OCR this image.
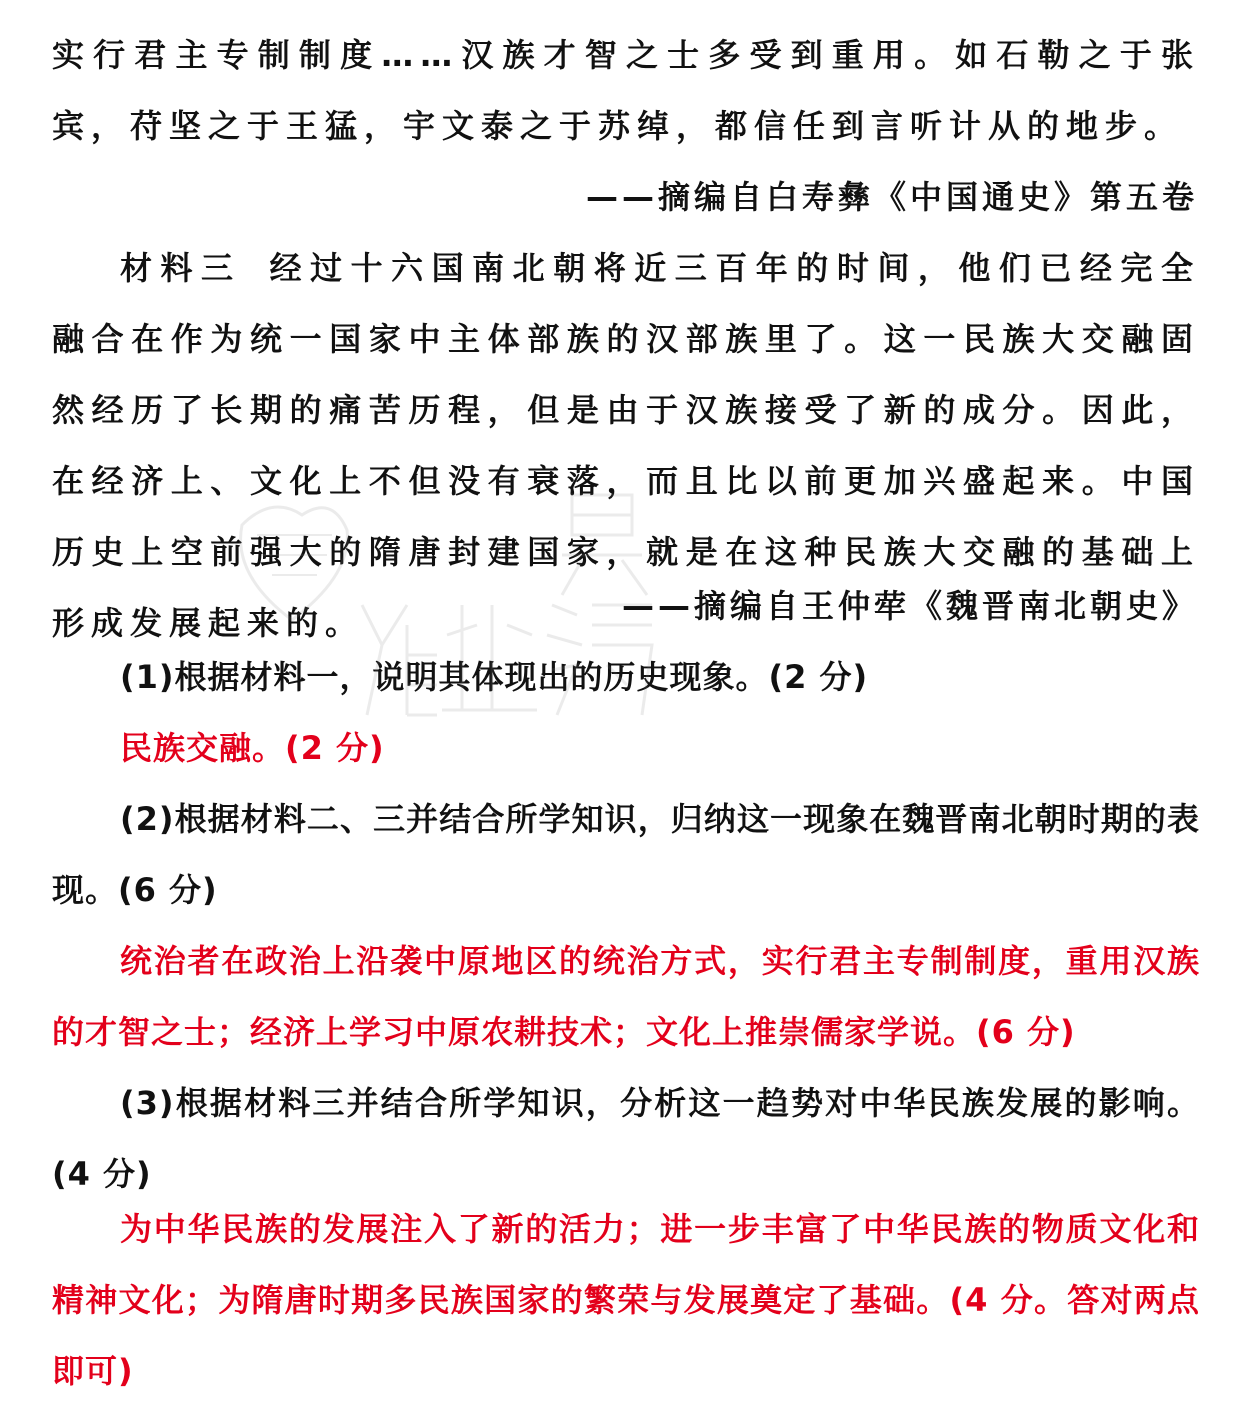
实行君主专制制度……汉族才智之士多受到重用。如石勒之于张宾，苻坚之于王猛，宇文泰之于苏绰，都信任到言听计从的地步。

——摘编自白寿彝《中国通史》第五卷

材料三 经过十六国南北朝将近三百年的时间，他们已经完全融合在作为统一国家中主体部族的汉部族里了。这一民族大交融固然经历了长期的痛苦历程，但是由于汉族接受了新的成分。因此，在经济上、文化上不但没有衰落，而且比以前更加兴盛起来。中国历史上空前强大的隋唐封建国家，就是在这种民族大交融的基础上形成发展起来的。	——摘编自王仲荦《魏晋南北朝史》

(1)根据材料一，说明其体现出的历史现象。(2 分)

民族交融。(2 分)

(2)根据材料二、三并结合所学知识，归纳这一现象在魏晋南北朝时期的表现。(6 分)

统治者在政治上沿袭中原地区的统治方式，实行君主专制制度，重用汉族的才智之士；经济上学习中原农耕技术；文化上推崇儒家学说。(6 分)

(3)根据材料三并结合所学知识，分析这一趋势对中华民族发展的影响。(4 分)

为中华民族的发展注入了新的活力；进一步丰富了中华民族的物质文化和精神文化；为隋唐时期多民族国家的繁荣与发展奠定了基础。(4 分。答对两点即可)
